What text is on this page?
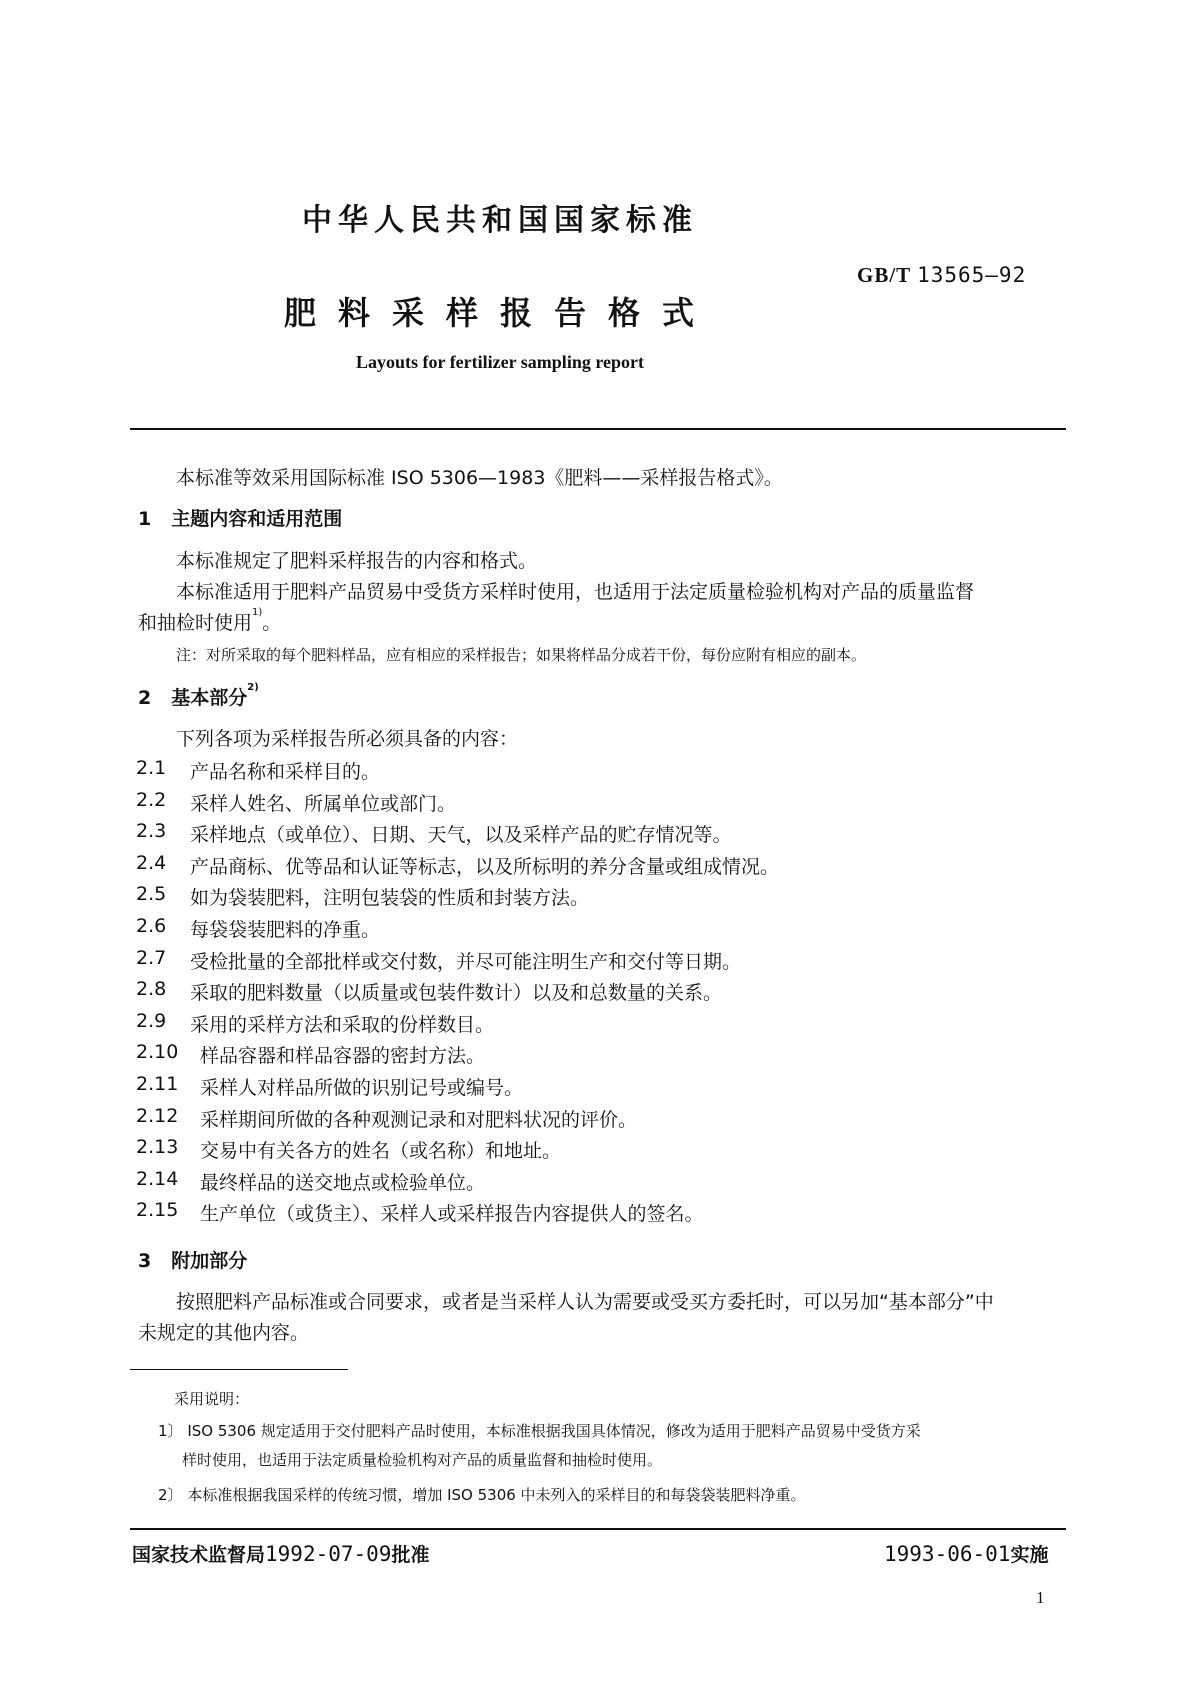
中华人民共和国国家标准
GB/T 13565—92
肥料采样报告格式
Layouts for fertilizer sampling report
本标准等效采用国际标准 ISO 5306—1983《肥料——采样报告格式》。
1 主题内容和适用范围
本标准规定了肥料采样报告的内容和格式。
本标准适用于肥料产品贸易中受货方采样时使用，也适用于法定质量检验机构对产品的质量监督
和抽检时使用$^{1)}$。
注：对所采取的每个肥料样品，应有相应的采样报告；如果将样品分成若干份，每份应附有相应的副本。
2 基本部分$^{2)}$
下列各项为采样报告所必须具备的内容：
2.1 产品名称和采样目的。
2.2 采样人姓名、所属单位或部门。
2.3 采样地点（或单位）、日期、天气，以及采样产品的贮存情况等。
2.4 产品商标、优等品和认证等标志，以及所标明的养分含量或组成情况。
2.5 如为袋装肥料，注明包装袋的性质和封装方法。
2.6 每袋袋装肥料的净重。
2.7 受检批量的全部批样或交付数，并尽可能注明生产和交付等日期。
2.8 采取的肥料数量（以质量或包装件数计）以及和总数量的关系。
2.9 采用的采样方法和采取的份样数目。
2.10 样品容器和样品容器的密封方法。
2.11 采样人对样品所做的识别记号或编号。
2.12 采样期间所做的各种观测记录和对肥料状况的评价。
2.13 交易中有关各方的姓名（或名称）和地址。
2.14 最终样品的送交地点或检验单位。
2.15 生产单位（或货主）、采样人或采样报告内容提供人的签名。
3 附加部分
按照肥料产品标准或合同要求，或者是当采样人认为需要或受买方委托时，可以另加“基本部分”中
未规定的其他内容。
采用说明：
1〕 ISO 5306 规定适用于交付肥料产品时使用，本标准根据我国具体情况，修改为适用于肥料产品贸易中受货方采
样时使用，也适用于法定质量检验机构对产品的质量监督和抽检时使用。
2〕 本标准根据我国采样的传统习惯，增加 ISO 5306 中未列入的采样目的和每袋袋装肥料净重。
国家技术监督局1992-07-09批准	1993-06-01实施
1
